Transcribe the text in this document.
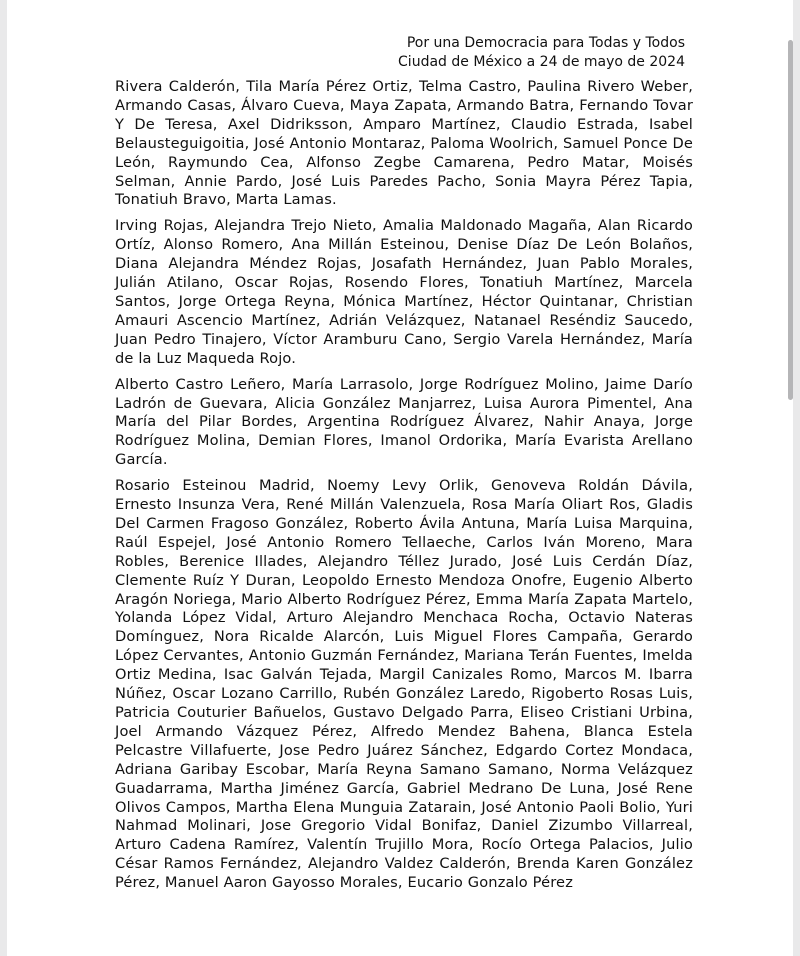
Por una Democracia para Todas y Todos
Ciudad de México a 24 de mayo de 2024

Rivera Calderón, Tila María Pérez Ortiz, Telma Castro, Paulina Rivero Weber, Armando Casas, Álvaro Cueva, Maya Zapata, Armando Batra, Fernando Tovar Y De Teresa, Axel Didriksson, Amparo Martínez, Claudio Estrada, Isabel Belausteguigoitia, José Antonio Montaraz, Paloma Woolrich, Samuel Ponce De León, Raymundo Cea, Alfonso Zegbe Camarena, Pedro Matar, Moisés Selman, Annie Pardo, José Luis Paredes Pacho, Sonia Mayra Pérez Tapia, Tonatiuh Bravo, Marta Lamas.

Irving Rojas, Alejandra Trejo Nieto, Amalia Maldonado Magaña, Alan Ricardo Ortíz, Alonso Romero, Ana Millán Esteinou, Denise Díaz De León Bolaños, Diana Alejandra Méndez Rojas, Josafath Hernández, Juan Pablo Morales, Julián Atilano, Oscar Rojas, Rosendo Flores, Tonatiuh Martínez, Marcela Santos, Jorge Ortega Reyna, Mónica Martínez, Héctor Quintanar, Christian Amauri Ascencio Martínez, Adrián Velázquez, Natanael Reséndiz Saucedo, Juan Pedro Tinajero, Víctor Aramburu Cano, Sergio Varela Hernández, María de la Luz Maqueda Rojo.

Alberto Castro Leñero, María Larrasolo, Jorge Rodríguez Molino, Jaime Darío Ladrón de Guevara, Alicia González Manjarrez, Luisa Aurora Pimentel, Ana María del Pilar Bordes, Argentina Rodríguez Álvarez, Nahir Anaya, Jorge Rodríguez Molina, Demian Flores, Imanol Ordorika, María Evarista Arellano García.

Rosario Esteinou Madrid, Noemy Levy Orlik, Genoveva Roldán Dávila, Ernesto Insunza Vera, René Millán Valenzuela, Rosa María Oliart Ros, Gladis Del Carmen Fragoso González, Roberto Ávila Antuna, María Luisa Marquina, Raúl Espejel, José Antonio Romero Tellaeche, Carlos Iván Moreno, Mara Robles, Berenice Illades, Alejandro Téllez Jurado, José Luis Cerdán Díaz, Clemente Ruíz Y Duran, Leopoldo Ernesto Mendoza Onofre, Eugenio Alberto Aragón Noriega, Mario Alberto Rodríguez Pérez, Emma María Zapata Martelo, Yolanda López Vidal, Arturo Alejandro Menchaca Rocha, Octavio Nateras Domínguez, Nora Ricalde Alarcón, Luis Miguel Flores Campaña, Gerardo López Cervantes, Antonio Guzmán Fernández, Mariana Terán Fuentes, Imelda Ortiz Medina, Isac Galván Tejada, Margil Canizales Romo, Marcos M. Ibarra Núñez, Oscar Lozano Carrillo, Rubén González Laredo, Rigoberto Rosas Luis, Patricia Couturier Bañuelos, Gustavo Delgado Parra, Eliseo Cristiani Urbina, Joel Armando Vázquez Pérez, Alfredo Mendez Bahena, Blanca Estela Pelcastre Villafuerte, Jose Pedro Juárez Sánchez, Edgardo Cortez Mondaca, Adriana Garibay Escobar, María Reyna Samano Samano, Norma Velázquez Guadarrama, Martha Jiménez García, Gabriel Medrano De Luna, José Rene Olivos Campos, Martha Elena Munguia Zatarain, José Antonio Paoli Bolio, Yuri Nahmad Molinari, Jose Gregorio Vidal Bonifaz, Daniel Zizumbo Villarreal, Arturo Cadena Ramírez, Valentín Trujillo Mora, Rocío Ortega Palacios, Julio César Ramos Fernández, Alejandro Valdez Calderón, Brenda Karen González Pérez, Manuel Aaron Gayosso Morales, Eucario Gonzalo Pérez
